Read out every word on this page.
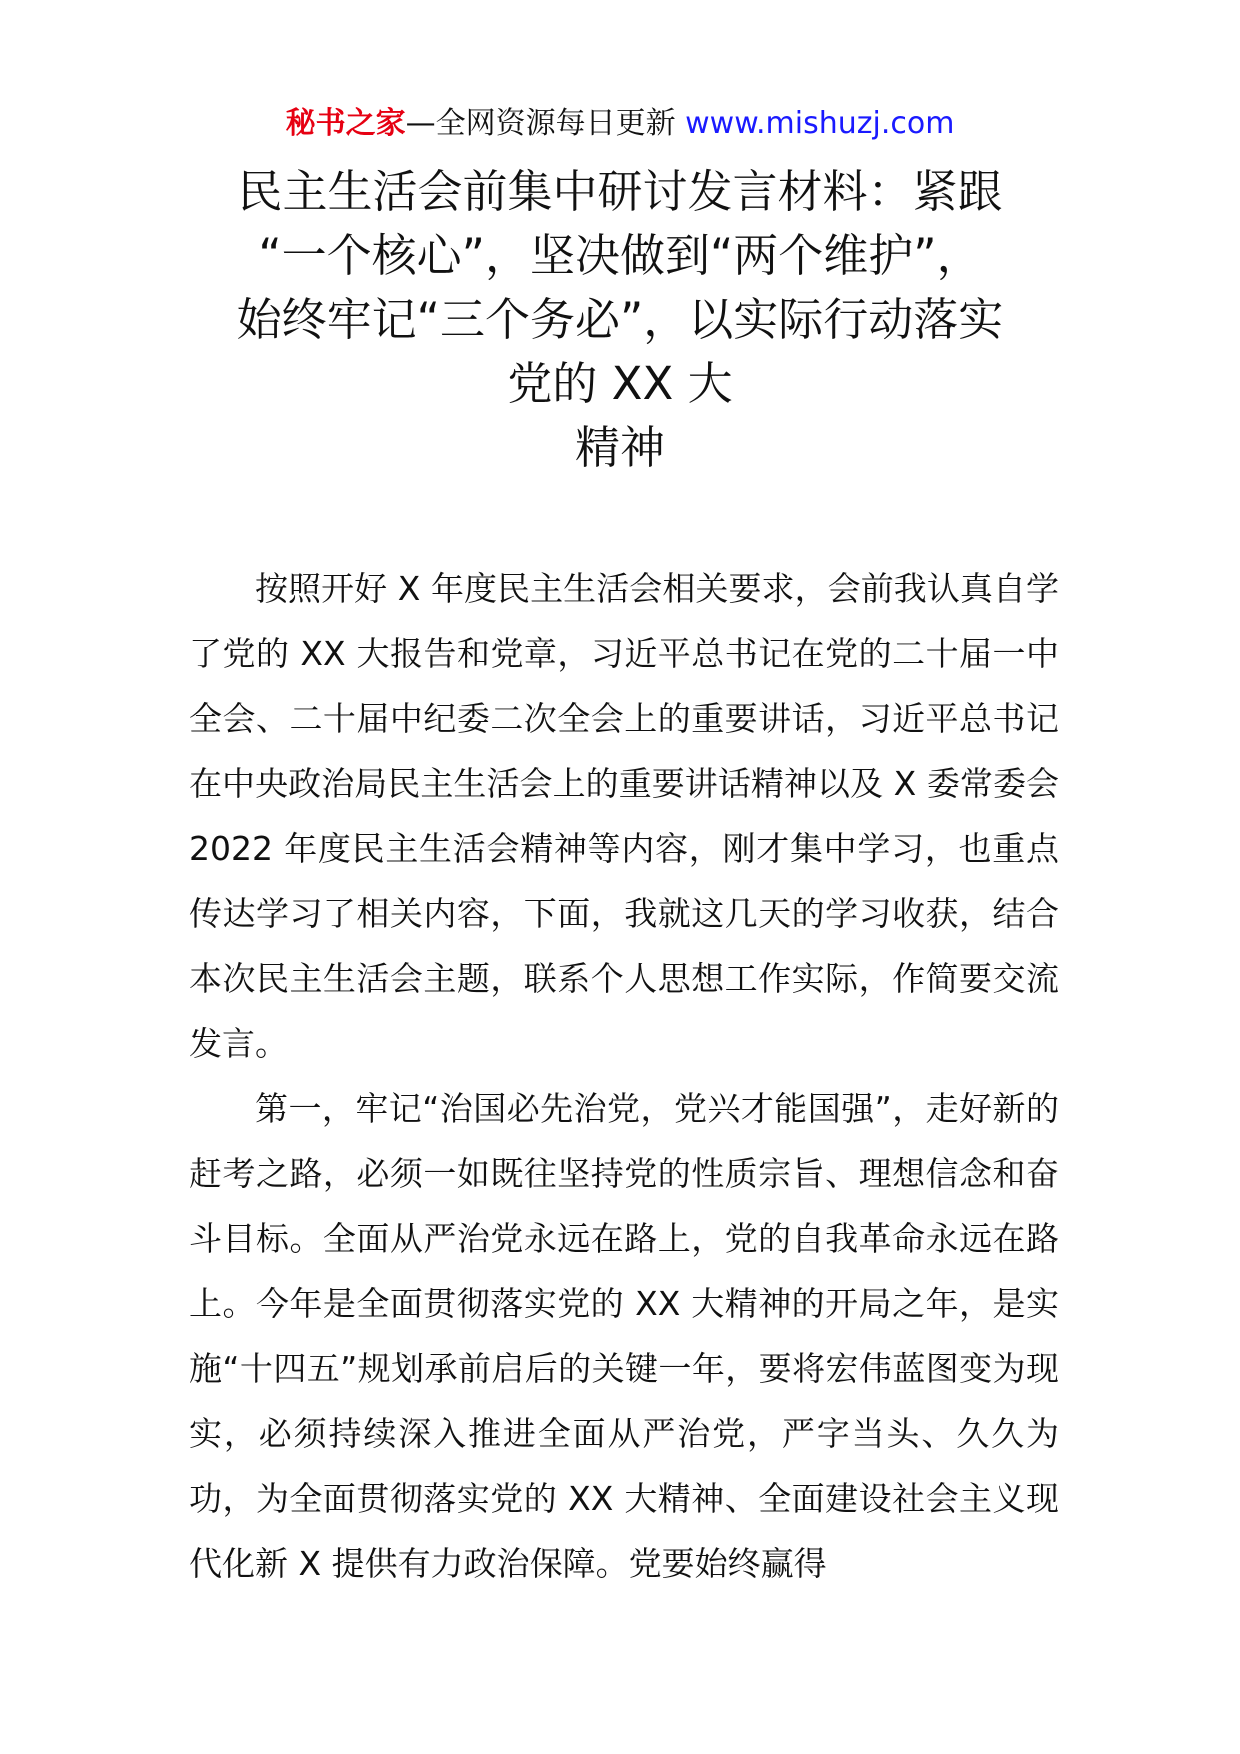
秘书之家—全网资源每日更新 www.mishuzj.com
民主生活会前集中研讨发言材料：紧跟
“一个核心”，坚决做到“两个维护”，
始终牢记“三个务必”，以实际行动落实
党的 XX 大
精神

按照开好 X 年度民主生活会相关要求，会前我认真自学了党的 XX 大报告和党章，习近平总书记在党的二十届一中全会、二十届中纪委二次全会上的重要讲话，习近平总书记在中央政治局民主生活会上的重要讲话精神以及 X 委常委会 2022 年度民主生活会精神等内容，刚才集中学习，也重点传达学习了相关内容，下面，我就这几天的学习收获，结合本次民主生活会主题，联系个人思想工作实际，作简要交流发言。

第一，牢记“治国必先治党，党兴才能国强”，走好新的赶考之路，必须一如既往坚持党的性质宗旨、理想信念和奋斗目标。全面从严治党永远在路上，党的自我革命永远在路上。今年是全面贯彻落实党的 XX 大精神的开局之年，是实施“十四五”规划承前启后的关键一年，要将宏伟蓝图变为现实，必须持续深入推进全面从严治党，严字当头、久久为功，为全面贯彻落实党的 XX 大精神、全面建设社会主义现代化新 X 提供有力政治保障。党要始终赢得
